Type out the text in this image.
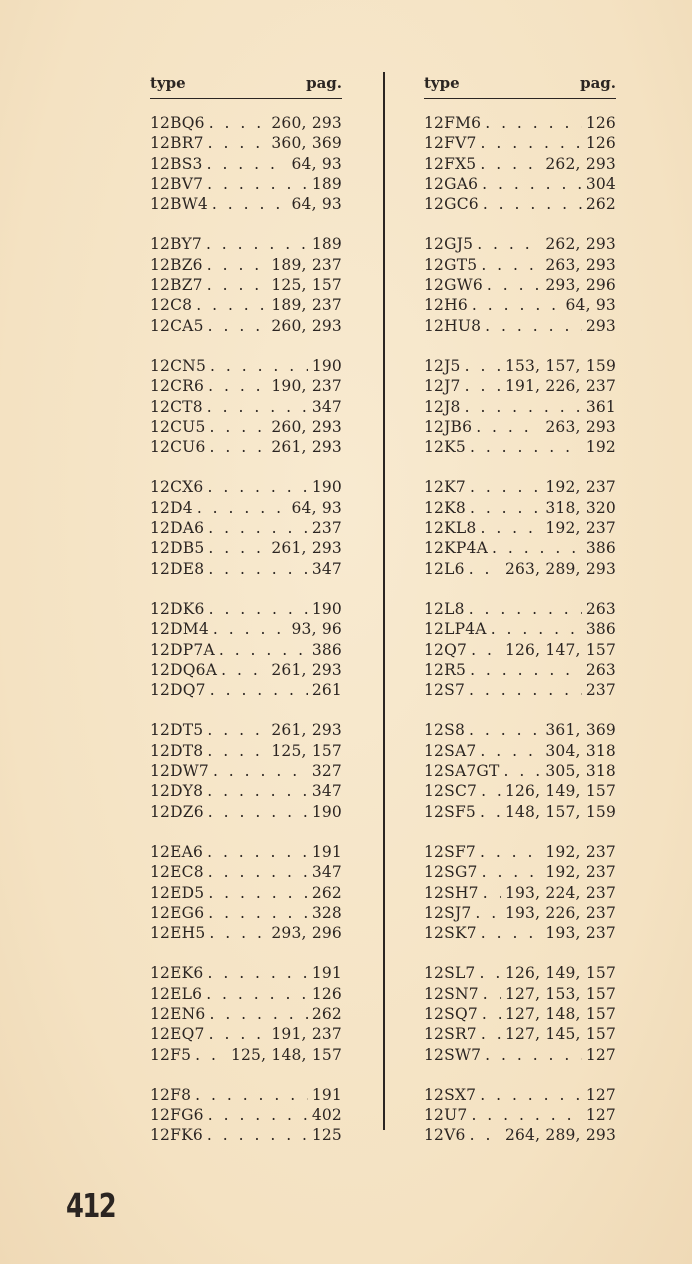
type	pag.
12BQ6 . . .	260, 293
12BR7 . . .	360, 369
12BS3 . . .	64, 93
12BV7 . . .	189
12BW4 . . .	64, 93
12BY7 . . .	189
12BZ6 . . .	189, 237
12BZ7 . . .	125, 157
12C8 . . .	189, 237
12CA5 . . .	260, 293
12CN5 . . .	190
12CR6 . . .	190, 237
12CT8 . . .	347
12CU5 . . .	260, 293
12CU6 . . .	261, 293
12CX6 . . .	190
12D4 . . .	64, 93
12DA6 . . .	237
12DB5 . . .	261, 293
12DE8 . . .	347
12DK6 . . .	190
12DM4 . . .	93, 96
12DP7A . . .	386
12DQ6A . . .	261, 293
12DQ7 . . .	261
12DT5 . . .	261, 293
12DT8 . . .	125, 157
12DW7 . . .	327
12DY8 . . .	347
12DZ6 . . .	190
12EA6 . . .	191
12EC8 . . .	347
12ED5 . . .	262
12EG6 . . .	328
12EH5 . . .	293, 296
12EK6 . . .	191
12EL6 . . .	126
12EN6 . . .	262
12EQ7 . . .	191, 237
12F5 . . .	125, 148, 157
12F8 . . .	191
12FG6 . . .	402
12FK6 . . .	125
type	pag.
12FM6 . . .	126
12FV7 . . .	126
12FX5 . . .	262, 293
12GA6 . . .	304
12GC6 . . .	262
12GJ5 . . .	262, 293
12GT5 . . .	263, 293
12GW6 . . .	293, 296
12H6 . . .	64, 93
12HU8 . . .	293
12J5 . . .	153, 157, 159
12J7 . . .	191, 226, 237
12J8 . . .	361
12JB6 . . .	263, 293
12K5 . . .	192
12K7 . . .	192, 237
12K8 . . .	318, 320
12KL8 . . .	192, 237
12KP4A . . .	386
12L6 . . .	263, 289, 293
12L8 . . .	263
12LP4A . . .	386
12Q7 . . . 126, 147, 157
12R5 . . .	263
12S7 . . .	237
12S8 . . .	361, 369
12SA7 . . .	304, 318
12SA7GT . . .	305, 318
12SC7 . . . 126, 149, 157
12SF5 . . . 148, 157, 159
12SF7 . . .	192, 237
12SG7 . . .	192, 237
12SH7 . . . 193, 224, 237
12SJ7 . . . 193, 226, 237
12SK7 . . .	193, 237
12SL7 . . . 126, 149, 157
12SN7 . . . 127, 153, 157
12SQ7 . . . 127, 148, 157
12SR7 . . . 127, 145, 157
12SW7 . . .	127
12SX7 . . .	127
12U7 . . .	127
12V6 . . .	264, 289, 293
412
